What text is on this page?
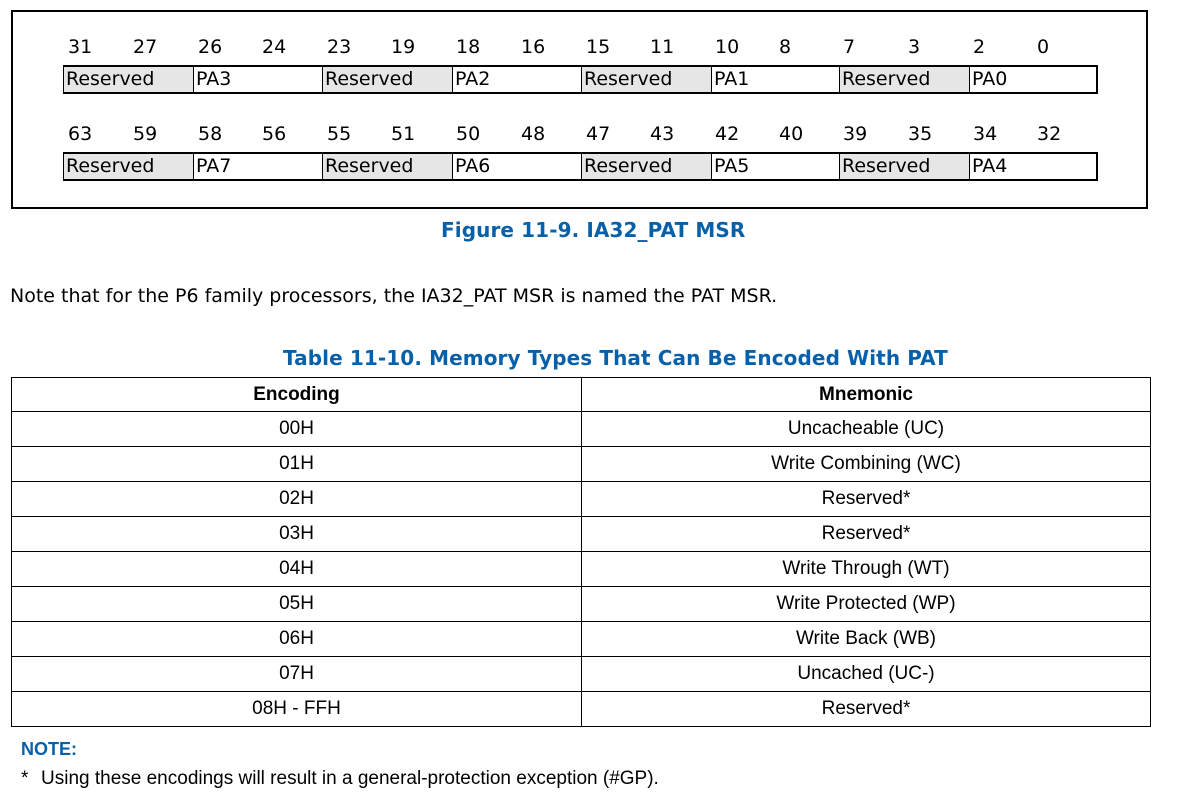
31 27 26 24 23 19 18 16 15 11 10 8	7	3	2	0
Reserved	PA3	Reserved	PA2	Reserved	PA1	Reserved	PA0
63 59 58 56 55 51 50 48 47 43 42 40 39 35 34 32
Reserved	PA7	Reserved	PA6	Reserved	PA5	Reserved	PA4
Figure 11-9. IA32_PAT MSR
Note that for the P6 family processors, the IA32_PAT MSR is named the PAT MSR.
Table 11-10. Memory Types That Can Be Encoded With PAT
Encoding	Mnemonic
00H	Uncacheable (UC)
01H	Write Combining (WC)
02H	Reserved*
03H	Reserved*
04H	Write Through (WT)
05H	Write Protected (WP)
06H	Write Back (WB)
07H	Uncached (UC-)
08H - FFH	Reserved*
NOTE:
* Using these encodings will result in a general-protection exception (#GP).
